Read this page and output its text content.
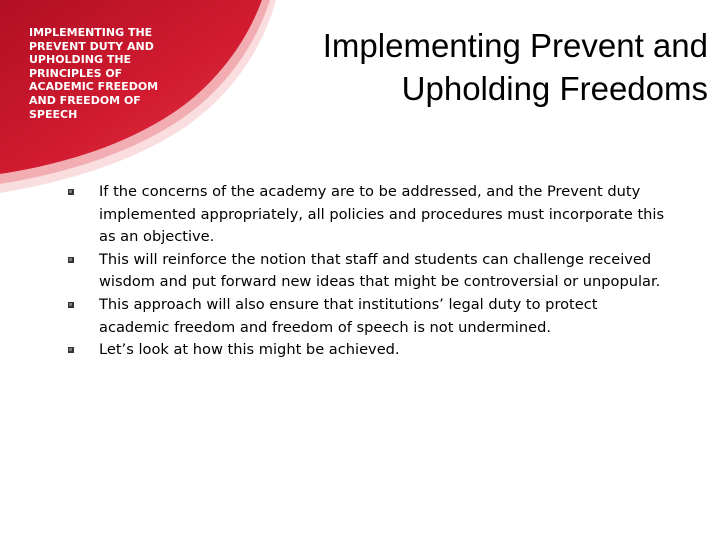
IMPLEMENTING THE
PREVENT DUTY AND
UPHOLDING THE
PRINCIPLES OF
ACADEMIC FREEDOM
AND FREEDOM OF
SPEECH
Implementing Prevent and
Upholding Freedoms
If the concerns of the academy are to be addressed, and the Prevent duty implemented appropriately, all policies and procedures must incorporate this as an objective.
This will reinforce the notion that staff and students can challenge received wisdom and put forward new ideas that might be controversial or unpopular.
This approach will also ensure that institutions’ legal duty to protect academic freedom and freedom of speech is not undermined.
Let’s look at how this might be achieved.
